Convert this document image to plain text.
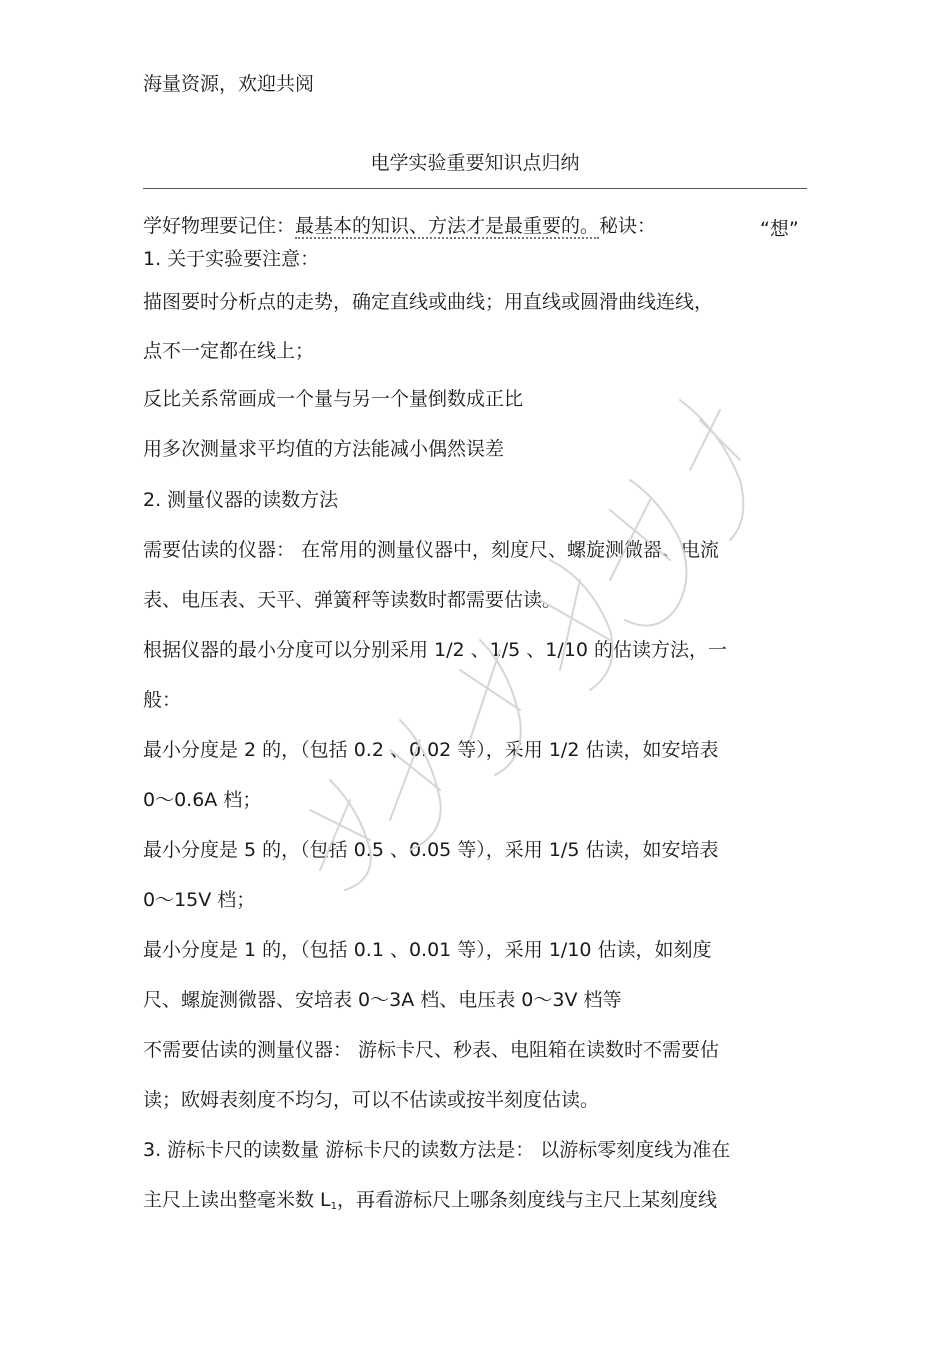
海量资源，欢迎共阅
电学实验重要知识点归纳
学好物理要记住：最基本的知识、方法才是最重要的。秘诀：	“想”
1. 关于实验要注意：
描图要时分析点的走势，确定直线或曲线；用直线或圆滑曲线连线，
点不一定都在线上；
反比关系常画成一个量与另一个量倒数成正比
用多次测量求平均值的方法能减小偶然误差
2. 测量仪器的读数方法
需要估读的仪器： 在常用的测量仪器中，刻度尺、螺旋测微器、电流
表、电压表、天平、弹簧秤等读数时都需要估读。
根据仪器的最小分度可以分别采用 1/2 、1/5 、1/10 的估读方法，一
般：
最小分度是 2 的，（包括 0.2 、0.02 等），采用 1/2 估读，如安培表
0～0.6A 档；
最小分度是 5 的，（包括 0.5 、0.05 等），采用 1/5 估读，如安培表
0～15V 档；
最小分度是 1 的，（包括 0.1 、0.01 等），采用 1/10 估读，如刻度
尺、螺旋测微器、安培表 0～3A 档、电压表 0～3V 档等
不需要估读的测量仪器： 游标卡尺、秒表、电阻箱在读数时不需要估
读；欧姆表刻度不均匀，可以不估读或按半刻度估读。
3. 游标卡尺的读数量 游标卡尺的读数方法是： 以游标零刻度线为准在
主尺上读出整毫米数 $L_1$，再看游标尺上哪条刻度线与主尺上某刻度线
